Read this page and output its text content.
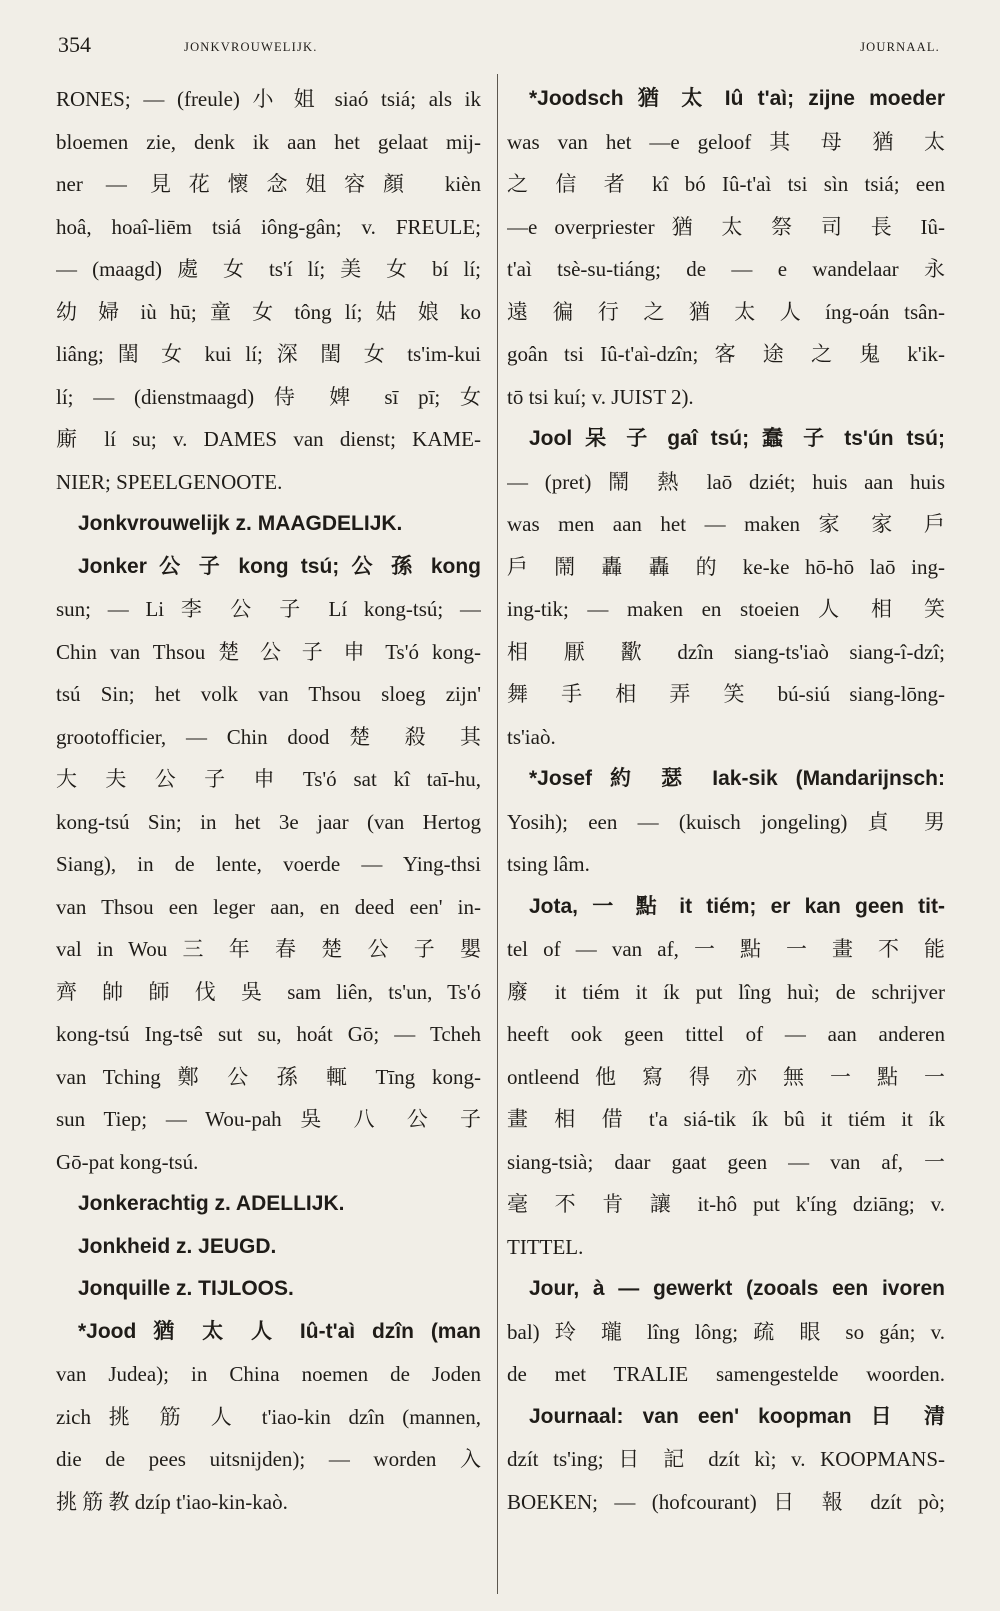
354	JONKVROUWELIJK.	JOURNAAL.

RONES; — (freule) 小 姐 siaó tsiá; als ik

bloemen zie, denk ik aan het gelaat mij-

ner — 見花懷念姐容顏 kièn

hoâ, hoaî-liēm tsiá iông-gân; v. FREULE;

— (maagd) 處 女 ts'í lí; 美 女 bí lí;

幼 婦 iù hū; 童 女 tông lí; 姑 娘 ko

liâng; 閨 女 kui lí; 深 閨 女 ts'im-kui

lí; — (dienstmaagd) 侍 婢 sī pī; 女

廝 lí su; v. DAMES van dienst; KAME-

NIER; SPEELGENOOTE.

Jonkvrouwelijk z. MAAGDELIJK.

Jonker 公 子 kong tsú; 公 孫 kong

sun; — Li 李 公 子 Lí kong-tsú; —

Chin van Thsou 楚 公 子 申 Ts'ó kong-

tsú Sin; het volk van Thsou sloeg zijn'

grootofficier, — Chin dood 楚 殺 其

大 夫 公 子 申 Ts'ó sat kî taī-hu,

kong-tsú Sin; in het 3e jaar (van Hertog

Siang), in de lente, voerde — Ying-thsi

van Thsou een leger aan, en deed een' in-

val in Wou 三 年 春 楚 公 子 嬰

齊 帥 師 伐 吳 sam liên, ts'un, Ts'ó

kong-tsú Ing-tsê sut su, hoát Gō; — Tcheh

van Tching 鄭 公 孫 輒 Tīng kong-

sun Tiep; — Wou-pah 吳 八 公 子

Gō-pat kong-tsú.

Jonkerachtig z. ADELLIJK.

Jonkheid z. JEUGD.

Jonquille z. TIJLOOS.

*Jood 猶 太 人 Iû-t'aì dzîn (man

van Judea); in China noemen de Joden

zich 挑 筋 人 t'iao-kin dzîn (mannen,

die de pees uitsnijden); — worden 入

挑 筋 教 dzíp t'iao-kin-kaò.

*Joodsch 猶 太 Iû t'aì; zijne moeder

was van het —e geloof 其 母 猶 太

之 信 者 kî bó Iû-t'aì tsi sìn tsiá; een

—e overpriester 猶 太 祭 司 長 Iû-

t'aì tsè-su-tiáng; de — e wandelaar 永

遠 徧 行 之 猶 太 人 íng-oán tsân-

goân tsi Iû-t'aì-dzîn; 客 途 之 鬼 k'ik-

tō tsi kuí; v. JUIST 2).

Jool 呆 子 gaî tsú; 蠢 子 ts'ún tsú;

— (pret) 鬧 熱 laō dziét; huis aan huis

was men aan het — maken 家 家 戶

戶 鬧 轟 轟 的 ke-ke hō-hō laō ing-

ing-tik; — maken en stoeien 人 相 笑

相 厭 歠 dzîn siang-ts'iaò siang-î-dzî;

舞 手 相 弄 笑 bú-siú siang-lōng-

ts'iaò.

*Josef 約 瑟 Iak-sik (Mandarijnsch:

Yosih); een — (kuisch jongeling) 貞 男

tsing lâm.

Jota, 一 點 it tiém; er kan geen tit-

tel of — van af, 一 點 一 畫 不 能

廢 it tiém it ík put lîng huì; de schrijver

heeft ook geen tittel of — aan anderen

ontleend 他 寫 得 亦 無 一 點 一

畫 相 借 t'a siá-tik ík bû it tiém it ík

siang-tsià; daar gaat geen — van af, 一

毫 不 肯 讓 it-hô put k'íng dziāng; v.

TITTEL.

Jour, à — gewerkt (zooals een ivoren

bal) 玲 瓏 lîng lông; 疏 眼 so gán; v.

de met TRALIE samengestelde woorden.

Journaal: van een' koopman 日 清

dzít ts'ing; 日 記 dzít kì; v. KOOPMANS-

BOEKEN; — (hofcourant) 日 報 dzít pò;
